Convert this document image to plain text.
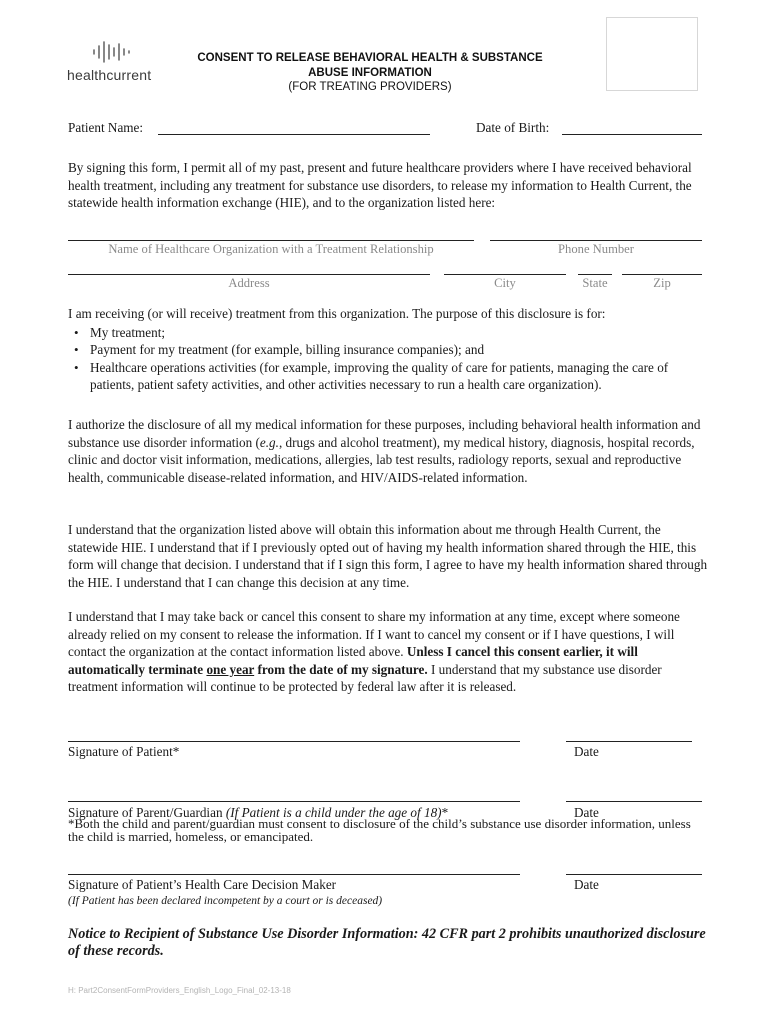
healthcurrent
CONSENT TO RELEASE BEHAVIORAL HEALTH & SUBSTANCE
ABUSE INFORMATION
(FOR TREATING PROVIDERS)
Patient Name:	Date of Birth:
By signing this form, I permit all of my past, present and future healthcare providers where I have received behavioral health treatment, including any treatment for substance use disorders, to release my information to Health Current, the statewide health information exchange (HIE), and to the organization listed here:
Name of Healthcare Organization with a Treatment Relationship	Phone Number
Address	City	State	Zip
I am receiving (or will receive) treatment from this organization. The purpose of this disclosure is for:
• My treatment;
• Payment for my treatment (for example, billing insurance companies); and
• Healthcare operations activities (for example, improving the quality of care for patients, managing the care of patients, patient safety activities, and other activities necessary to run a health care organization).
I authorize the disclosure of all my medical information for these purposes, including behavioral health information and substance use disorder information (e.g., drugs and alcohol treatment), my medical history, diagnosis, hospital records, clinic and doctor visit information, medications, allergies, lab test results, radiology reports, sexual and reproductive health, communicable disease-related information, and HIV/AIDS-related information.
I understand that the organization listed above will obtain this information about me through Health Current, the statewide HIE. I understand that if I previously opted out of having my health information shared through the HIE, this form will change that decision. I understand that if I sign this form, I agree to have my health information shared through the HIE. I understand that I can change this decision at any time.
I understand that I may take back or cancel this consent to share my information at any time, except where someone already relied on my consent to release the information. If I want to cancel my consent or if I have questions, I will contact the organization at the contact information listed above. Unless I cancel this consent earlier, it will automatically terminate one year from the date of my signature. I understand that my substance use disorder treatment information will continue to be protected by federal law after it is released.
Signature of Patient*	Date
Signature of Parent/Guardian (If Patient is a child under the age of 18)*	Date
*Both the child and parent/guardian must consent to disclosure of the child’s substance use disorder information, unless the child is married, homeless, or emancipated.
Signature of Patient’s Health Care Decision Maker	Date
(If Patient has been declared incompetent by a court or is deceased)
Notice to Recipient of Substance Use Disorder Information: 42 CFR part 2 prohibits unauthorized disclosure of these records.
H: Part2ConsentFormProviders_English_Logo_Final_02-13-18
